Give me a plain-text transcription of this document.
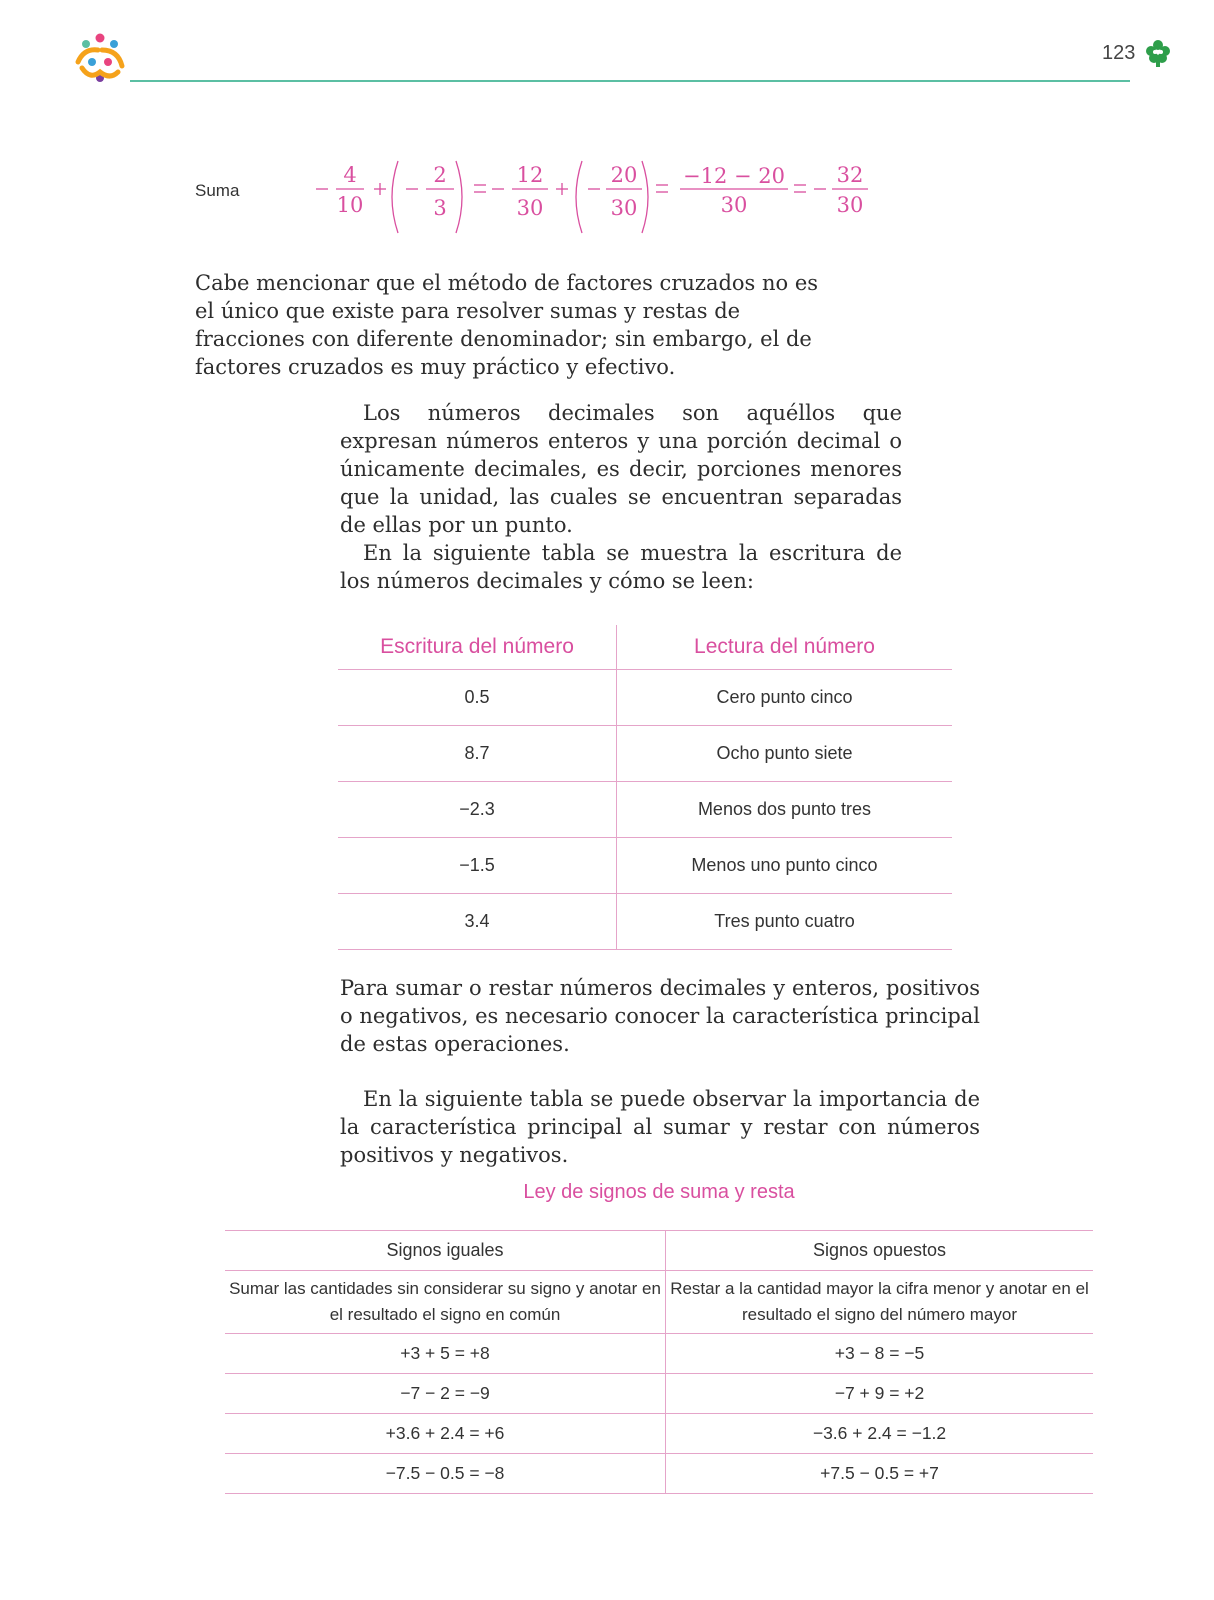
123
Suma
4
10
2
3
12
30
20
30
−12 − 20
30
32
30

Cabe mencionar que el método de factores cruzados no es el único que existe para resolver sumas y restas de fracciones con diferente denominador; sin embargo, el de factores cruzados es muy práctico y efectivo.

Los números decimales son aquéllos que expresan números enteros y una porción decimal o únicamente decimales, es decir, porciones menores que la unidad, las cuales se encuentran separadas de ellas por un punto.

En la siguiente tabla se muestra la escritura de los números decimales y cómo se leen:

Escritura del número	Lectura del número
0.5	Cero punto cinco
8.7	Ocho punto siete
−2.3	Menos dos punto tres
−1.5	Menos uno punto cinco
3.4	Tres punto cuatro

Para sumar o restar números decimales y enteros, positivos o negativos, es necesario conocer la característica principal de estas operaciones.

En la siguiente tabla se puede observar la importancia de la característica principal al sumar y restar con números positivos y negativos.

Ley de signos de suma y resta
Signos iguales	Signos opuestos
Sumar las cantidades sin considerar su signo y anotar en el resultado el signo en común	Restar a la cantidad mayor la cifra menor y anotar en el resultado el signo del número mayor
+3 + 5 = +8	+3 − 8 = −5
−7 − 2 = −9	−7 + 9 = +2
+3.6 + 2.4 = +6	−3.6 + 2.4 = −1.2
−7.5 − 0.5 = −8	+7.5 − 0.5 = +7
